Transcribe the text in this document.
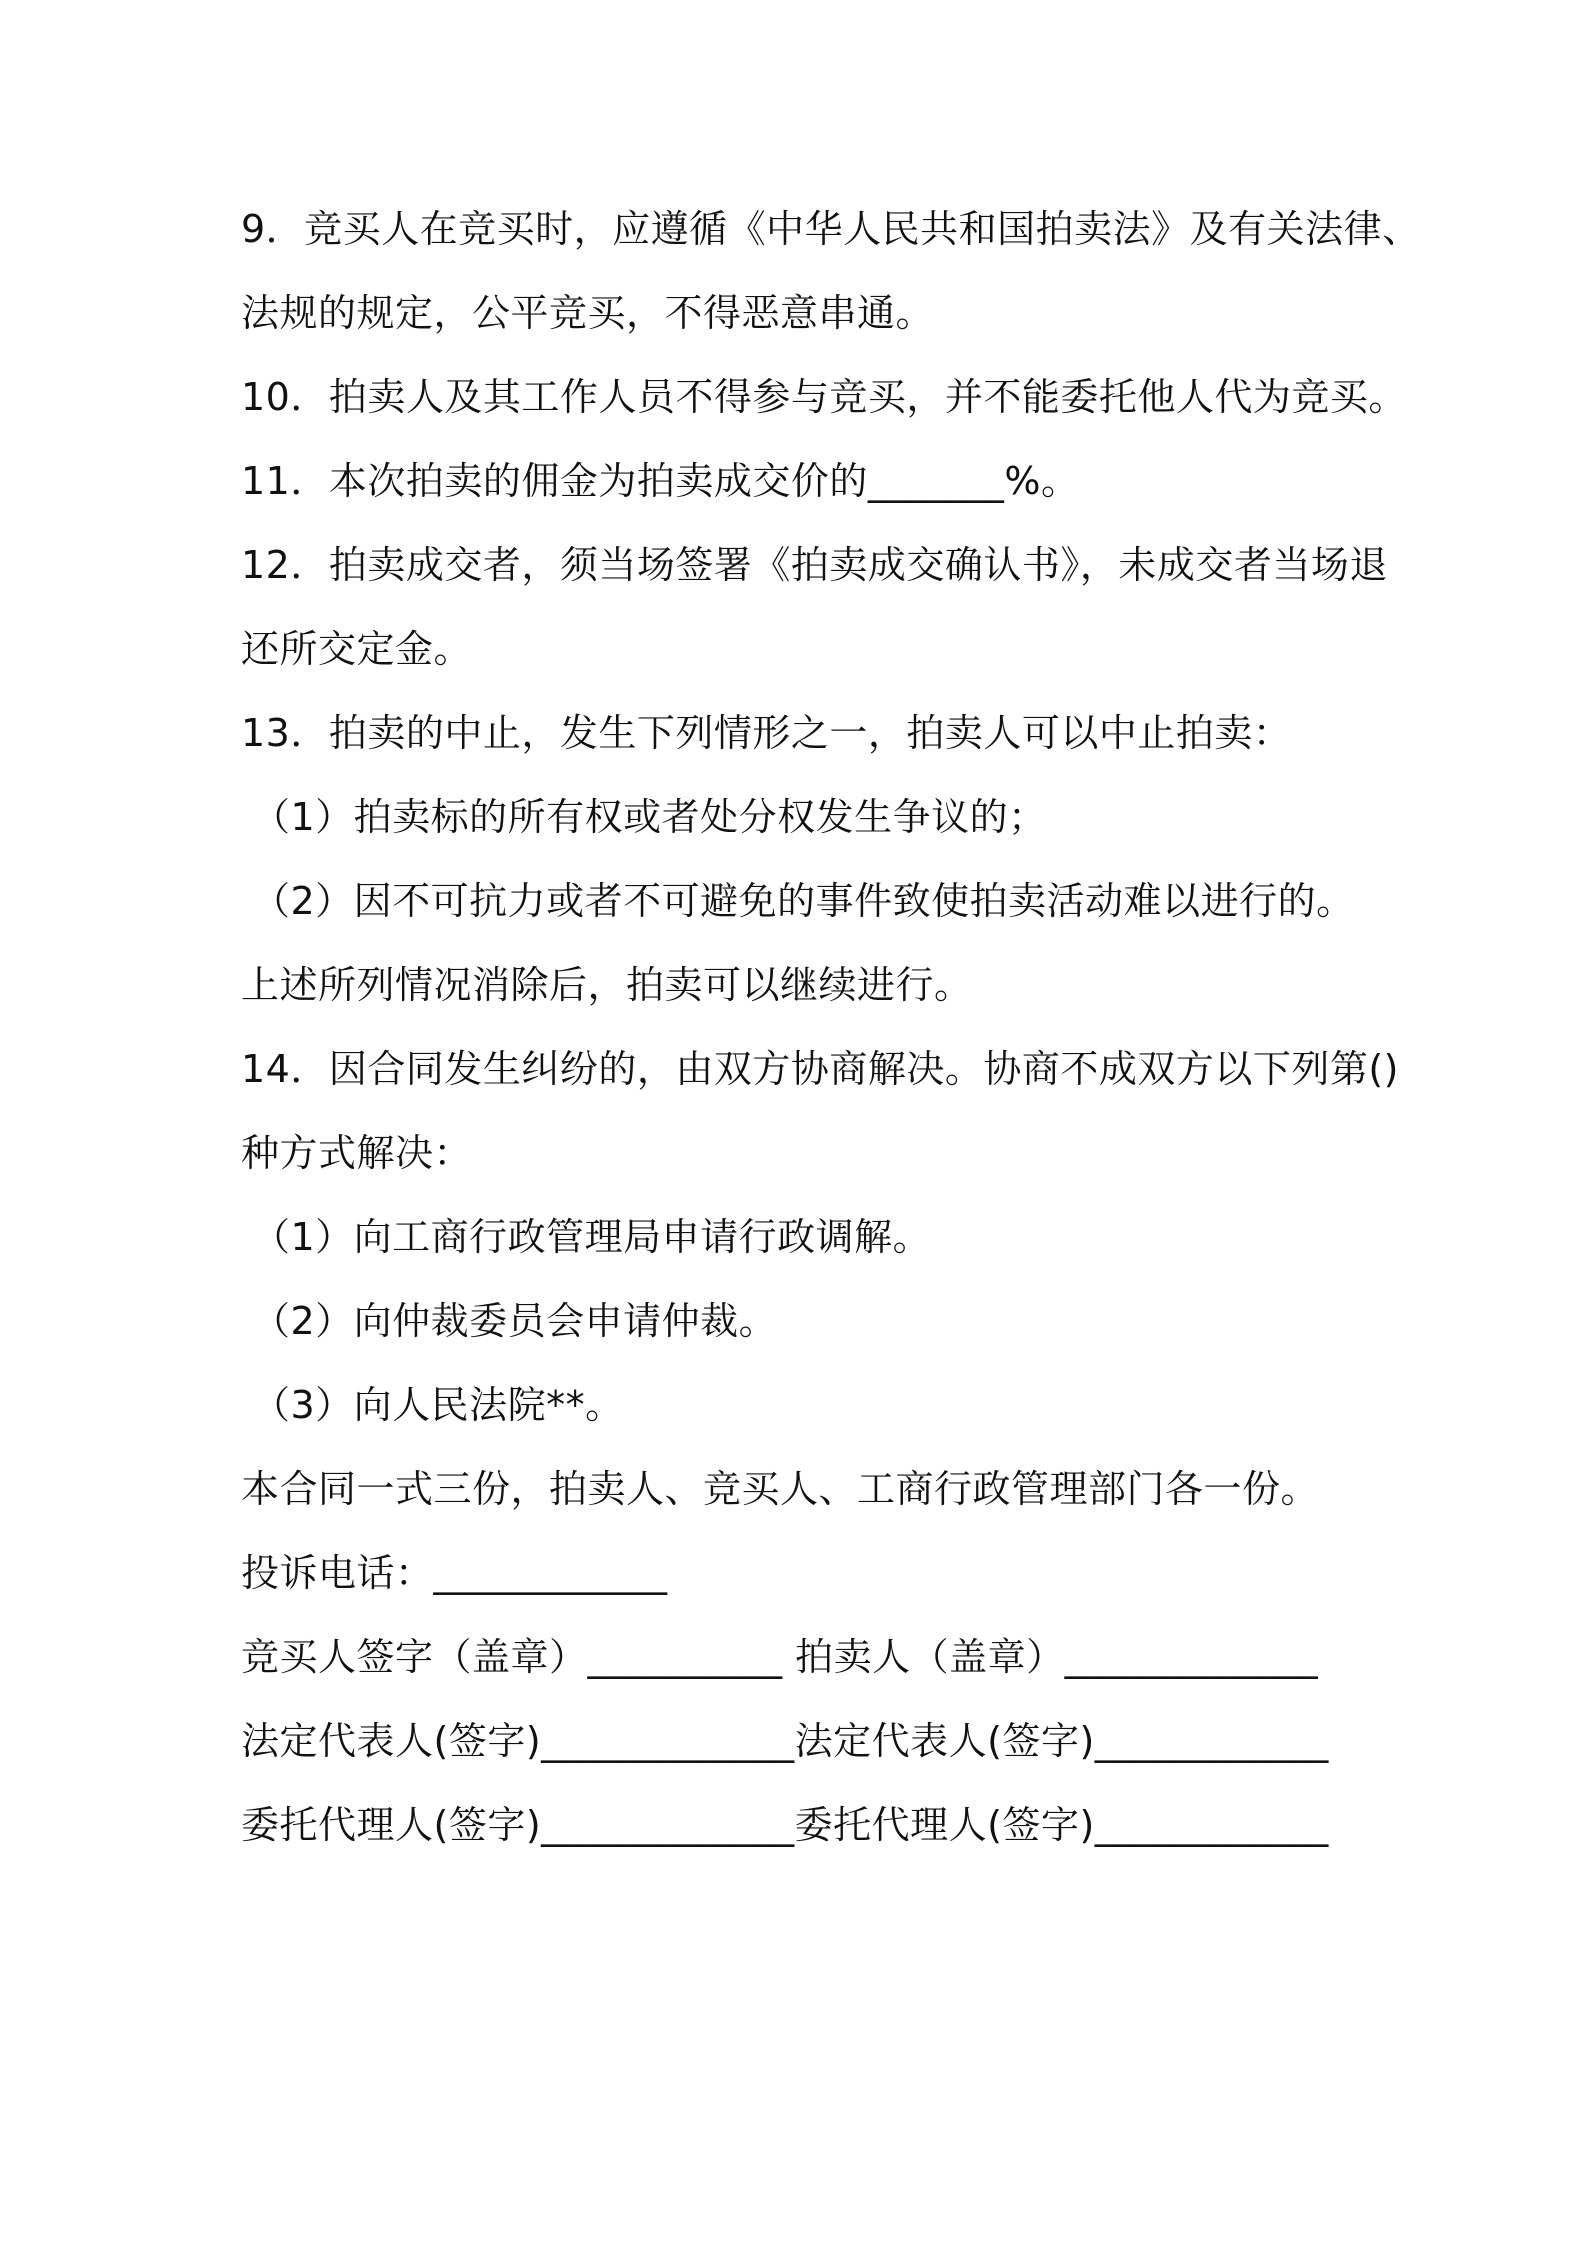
9．竞买人在竞买时，应遵循《中华人民共和国拍卖法》及有关法律、
法规的规定，公平竞买，不得恶意串通。
10．拍卖人及其工作人员不得参与竞买，并不能委托他人代为竞买。
11．本次拍卖的佣金为拍卖成交价的_______%。
12．拍卖成交者，须当场签署《拍卖成交确认书》，未成交者当场退
还所交定金。
13．拍卖的中止，发生下列情形之一，拍卖人可以中止拍卖：
（1）拍卖标的所有权或者处分权发生争议的；
（2）因不可抗力或者不可避免的事件致使拍卖活动难以进行的。
上述所列情况消除后，拍卖可以继续进行。
14．因合同发生纠纷的，由双方协商解决。协商不成双方以下列第()
种方式解决：
（1）向工商行政管理局申请行政调解。
（2）向仲裁委员会申请仲裁。
（3）向人民法院**。
本合同一式三份，拍卖人、竞买人、工商行政管理部门各一份。
投诉电话：____________
竞买人签字（盖章）__________ 拍卖人（盖章）_____________
法定代表人(签字)_____________法定代表人(签字)____________
委托代理人(签字)_____________委托代理人(签字)____________
